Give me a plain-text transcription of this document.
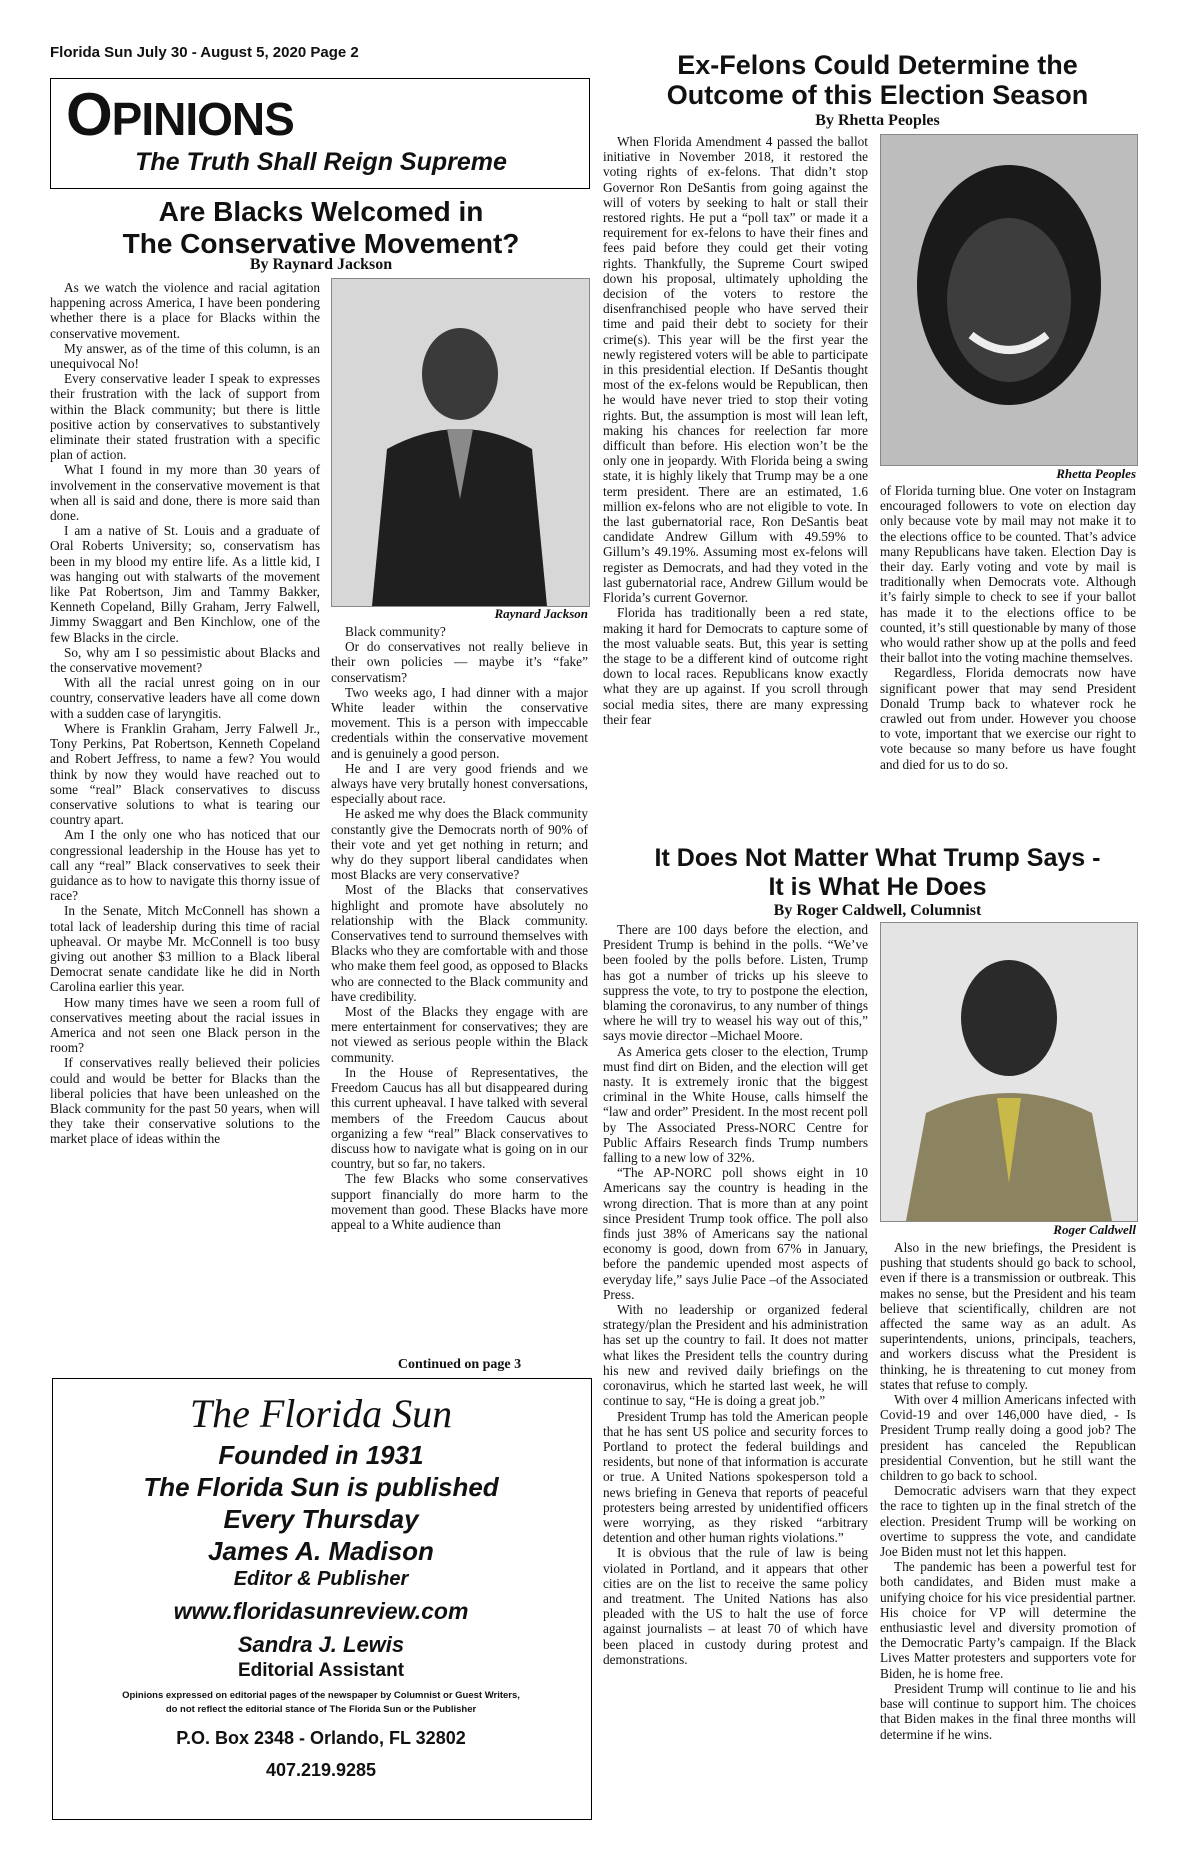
Florida Sun July 30 - August 5, 2020 Page 2
OPINIONS
The Truth Shall Reign Supreme
Are Blacks Welcomed in
The Conservative Movement?
By Raynard Jackson
Raynard Jackson

As we watch the violence and racial agitation happening across America, I have been pondering whether there is a place for Blacks within the conservative movement.

My answer, as of the time of this column, is an unequivocal No!

Every conservative leader I speak to expresses their frustration with the lack of support from within the Black community; but there is little positive action by conservatives to substantively eliminate their stated frustration with a specific plan of action.

What I found in my more than 30 years of involvement in the conservative movement is that when all is said and done, there is more said than done.

I am a native of St. Louis and a graduate of Oral Roberts University; so, conservatism has been in my blood my entire life. As a little kid, I was hanging out with stalwarts of the movement like Pat Robertson, Jim and Tammy Bakker, Kenneth Copeland, Billy Graham, Jerry Falwell, Jimmy Swaggart and Ben Kinchlow, one of the few Blacks in the circle.

So, why am I so pessimistic about Blacks and the conservative movement?

With all the racial unrest going on in our country, conservative leaders have all come down with a sudden case of laryngitis.

Where is Franklin Graham, Jerry Falwell Jr., Tony Perkins, Pat Robertson, Kenneth Copeland and Robert Jeffress, to name a few? You would think by now they would have reached out to some “real” Black conservatives to discuss conservative solutions to what is tearing our country apart.

Am I the only one who has noticed that our congressional leadership in the House has yet to call any “real” Black conservatives to seek their guidance as to how to navigate this thorny issue of race?

In the Senate, Mitch McConnell has shown a total lack of leadership during this time of racial upheaval. Or maybe Mr. McConnell is too busy giving out another $3 million to a Black liberal Democrat senate candidate like he did in North Carolina earlier this year.

How many times have we seen a room full of conservatives meeting about the racial issues in America and not seen one Black person in the room?

If conservatives really believed their policies could and would be better for Blacks than the liberal policies that have been unleashed on the Black community for the past 50 years, when will they take their conservative solutions to the market place of ideas within the

Black community?

Or do conservatives not really believe in their own policies — maybe it’s “fake” conservatism?

Two weeks ago, I had dinner with a major White leader within the conservative movement. This is a person with impeccable credentials within the conservative movement and is genuinely a good person.

He and I are very good friends and we always have very brutally honest conversations, especially about race.

He asked me why does the Black community constantly give the Democrats north of 90% of their vote and yet get nothing in return; and why do they support liberal candidates when most Blacks are very conservative?

Most of the Blacks that conservatives highlight and promote have absolutely no relationship with the Black community. Conservatives tend to surround themselves with Blacks who they are comfortable with and those who make them feel good, as opposed to Blacks who are connected to the Black community and have credibility.

Most of the Blacks they engage with are mere entertainment for conservatives; they are not viewed as serious people within the Black community.

In the House of Representatives, the Freedom Caucus has all but disappeared during this current upheaval. I have talked with several members of the Freedom Caucus about organizing a few “real” Black conservatives to discuss how to navigate what is going on in our country, but so far, no takers.

The few Blacks who some conservatives support financially do more harm to the movement than good. These Blacks have more appeal to a White audience than

Continued on page 3
The Florida Sun
Founded in 1931
The Florida Sun is published
Every Thursday
James A. Madison
Editor & Publisher
www.floridasunreview.com
Sandra J. Lewis
Editorial Assistant
Opinions expressed on editorial pages of the newspaper by Columnist or Guest Writers,
do not reflect the editorial stance of The Florida Sun or the Publisher
P.O. Box 2348 - Orlando, FL 32802
407.219.9285
Ex-Felons Could Determine the
Outcome of this Election Season
By Rhetta Peoples
Rhetta Peoples

When Florida Amendment 4 passed the ballot initiative in November 2018, it restored the voting rights of ex-felons. That didn’t stop Governor Ron DeSantis from going against the will of voters by seeking to halt or stall their restored rights. He put a “poll tax” or made it a requirement for ex-felons to have their fines and fees paid before they could get their voting rights. Thankfully, the Supreme Court swiped down his proposal, ultimately upholding the decision of the voters to restore the disenfranchised people who have served their time and paid their debt to society for their crime(s). This year will be the first year the newly registered voters will be able to participate in this presidential election. If DeSantis thought most of the ex-felons would be Republican, then he would have never tried to stop their voting rights. But, the assumption is most will lean left, making his chances for reelection far more difficult than before. His election won’t be the only one in jeopardy. With Florida being a swing state, it is highly likely that Trump may be a one term president. There are an estimated, 1.6 million ex-felons who are not eligible to vote. In the last gubernatorial race, Ron DeSantis beat candidate Andrew Gillum with 49.59% to Gillum’s 49.19%. Assuming most ex-felons will register as Democrats, and had they voted in the last gubernatorial race, Andrew Gillum would be Florida’s current Governor.

Florida has traditionally been a red state, making it hard for Democrats to capture some of the most valuable seats. But, this year is setting the stage to be a different kind of outcome right down to local races. Republicans know exactly what they are up against. If you scroll through social media sites, there are many expressing their fear

of Florida turning blue. One voter on Instagram encouraged followers to vote on election day only because vote by mail may not make it to the elections office to be counted. That’s advice many Republicans have taken. Election Day is their day. Early voting and vote by mail is traditionally when Democrats vote. Although it’s fairly simple to check to see if your ballot has made it to the elections office to be counted, it’s still questionable by many of those who would rather show up at the polls and feed their ballot into the voting machine themselves.

Regardless, Florida democrats now have significant power that may send President Donald Trump back to whatever rock he crawled out from under. However you choose to vote, important that we exercise our right to vote because so many before us have fought and died for us to do so.

It Does Not Matter What Trump Says -
It is What He Does
By Roger Caldwell, Columnist
Roger Caldwell

There are 100 days before the election, and President Trump is behind in the polls. “We’ve been fooled by the polls before. Listen, Trump has got a number of tricks up his sleeve to suppress the vote, to try to postpone the election, blaming the coronavirus, to any number of things where he will try to weasel his way out of this,” says movie director –Michael Moore.

As America gets closer to the election, Trump must find dirt on Biden, and the election will get nasty. It is extremely ironic that the biggest criminal in the White House, calls himself the “law and order” President. In the most recent poll by The Associated Press-NORC Centre for Public Affairs Research finds Trump numbers falling to a new low of 32%.

“The AP-NORC poll shows eight in 10 Americans say the country is heading in the wrong direction. That is more than at any point since President Trump took office. The poll also finds just 38% of Americans say the national economy is good, down from 67% in January, before the pandemic upended most aspects of everyday life,” says Julie Pace –of the Associated Press.

With no leadership or organized federal strategy/plan the President and his administration has set up the country to fail. It does not matter what likes the President tells the country during his new and revived daily briefings on the coronavirus, which he started last week, he will continue to say, “He is doing a great job.”

President Trump has told the American people that he has sent US police and security forces to Portland to protect the federal buildings and residents, but none of that information is accurate or true. A United Nations spokesperson told a news briefing in Geneva that reports of peaceful protesters being arrested by unidentified officers were worrying, as they risked “arbitrary detention and other human rights violations.”

It is obvious that the rule of law is being violated in Portland, and it appears that other cities are on the list to receive the same policy and treatment. The United Nations has also pleaded with the US to halt the use of force against journalists – at least 70 of which have been placed in custody during protest and demonstrations.

Also in the new briefings, the President is pushing that students should go back to school, even if there is a transmission or outbreak. This makes no sense, but the President and his team believe that scientifically, children are not affected the same way as an adult. As superintendents, unions, principals, teachers, and workers discuss what the President is thinking, he is threatening to cut money from states that refuse to comply.

With over 4 million Americans infected with Covid-19 and over 146,000 have died, - Is President Trump really doing a good job? The president has canceled the Republican presidential Convention, but he still want the children to go back to school.

Democratic advisers warn that they expect the race to tighten up in the final stretch of the election. President Trump will be working on overtime to suppress the vote, and candidate Joe Biden must not let this happen.

The pandemic has been a powerful test for both candidates, and Biden must make a unifying choice for his vice presidential partner. His choice for VP will determine the enthusiastic level and diversity promotion of the Democratic Party’s campaign. If the Black Lives Matter protesters and supporters vote for Biden, he is home free.

President Trump will continue to lie and his base will continue to support him. The choices that Biden makes in the final three months will determine if he wins.
